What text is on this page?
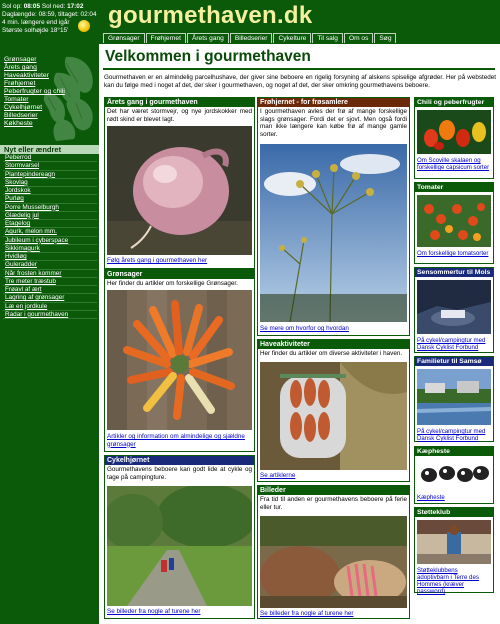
Sol op: 08:05 Sol ned: 17:02
Daglængde: 08:59, tiltaget: 02:04
4 min. længere end igår
Største solhøjde 18°15'
Grønsager
Årets gang
Haveaktiviteter
Frøhjernet
Peberfrugter og chili
Tomater
Cykelhjørnet
Billedserier
Køkheste
Nyt eller ændret
Peberrod
Stormvarsel
Plantepindereagn
Skovlag
Jordskok
Purløg
Porre Musselburgh
Glædelig jul
Etagelog
Agurk, melon mm.
Jubileum i cyberspace
Sikkimagurk
Hvidløg
Guleradder
Når frosten kommer
Tre meter træstub
Frøavl af ært
Lagring af grønsager
Læ en jordkule
Radar i gourmethaven
gourmethaven.dk
Grønsager	Frøhjernet	Årets gang	Billedserier	Cykelture	Til salg	Om os	Søg
Velkommen i gourmethaven
Gourmethaven er en almindelig parcelhushave, der giver sine beboere en rigelig forsyning af alskens spiselige afgrøder. Her på webstedet kan du følge med i noget af det, der sker i gourmethaven, og noget af det, der sker omkring gourmethavens beboere.
Årets gang i gourmethaven
Det har været stormvejr, og nye jordskokker med rødt skind er blevet lagt.
Følg årets gang i gourmethaven her
Grønsager
Her finder du artikler om forskellige Grønsager.
Artikler og information om almindelige og sjældne grønsager
Cykelhjørnet
Gourmethavens beboere kan godt lide at cykle og tage på campingture.
Se billeder fra nogle af turene her
Frøhjernet - for frøsamlere
I gourmethaven avles der frø af mange forskellige slags grønsager. Fordi det er sjovt. Men også fordi man ikke længere kan købe frø af mange gamle sorter.
Se mere om hvorfor og hvordan
Haveaktiviteter
Her finder du artikler om diverse aktiviteter i haven.
Se artiklerne
Billeder
Fra tid til anden er gourmethavens beboere på ferie eller tur.
Se billeder fra nogle af turene her
Chili og peberfrugter
Om Scoville skalaen og forskellige capsicum sorter
Tomater
Om forskellige tomatsorter
Sensommertur til Mols
På cykel/campingtur med Dansk Cyklist Forbund
Familietur til Samsø
På cykel/campingtur med Dansk Cyklist Forbund
Kæpheste
Kæpheste
Støtteklub
Støtteklubbens adoptivbarn i Terre des Hommes (kræver password)
